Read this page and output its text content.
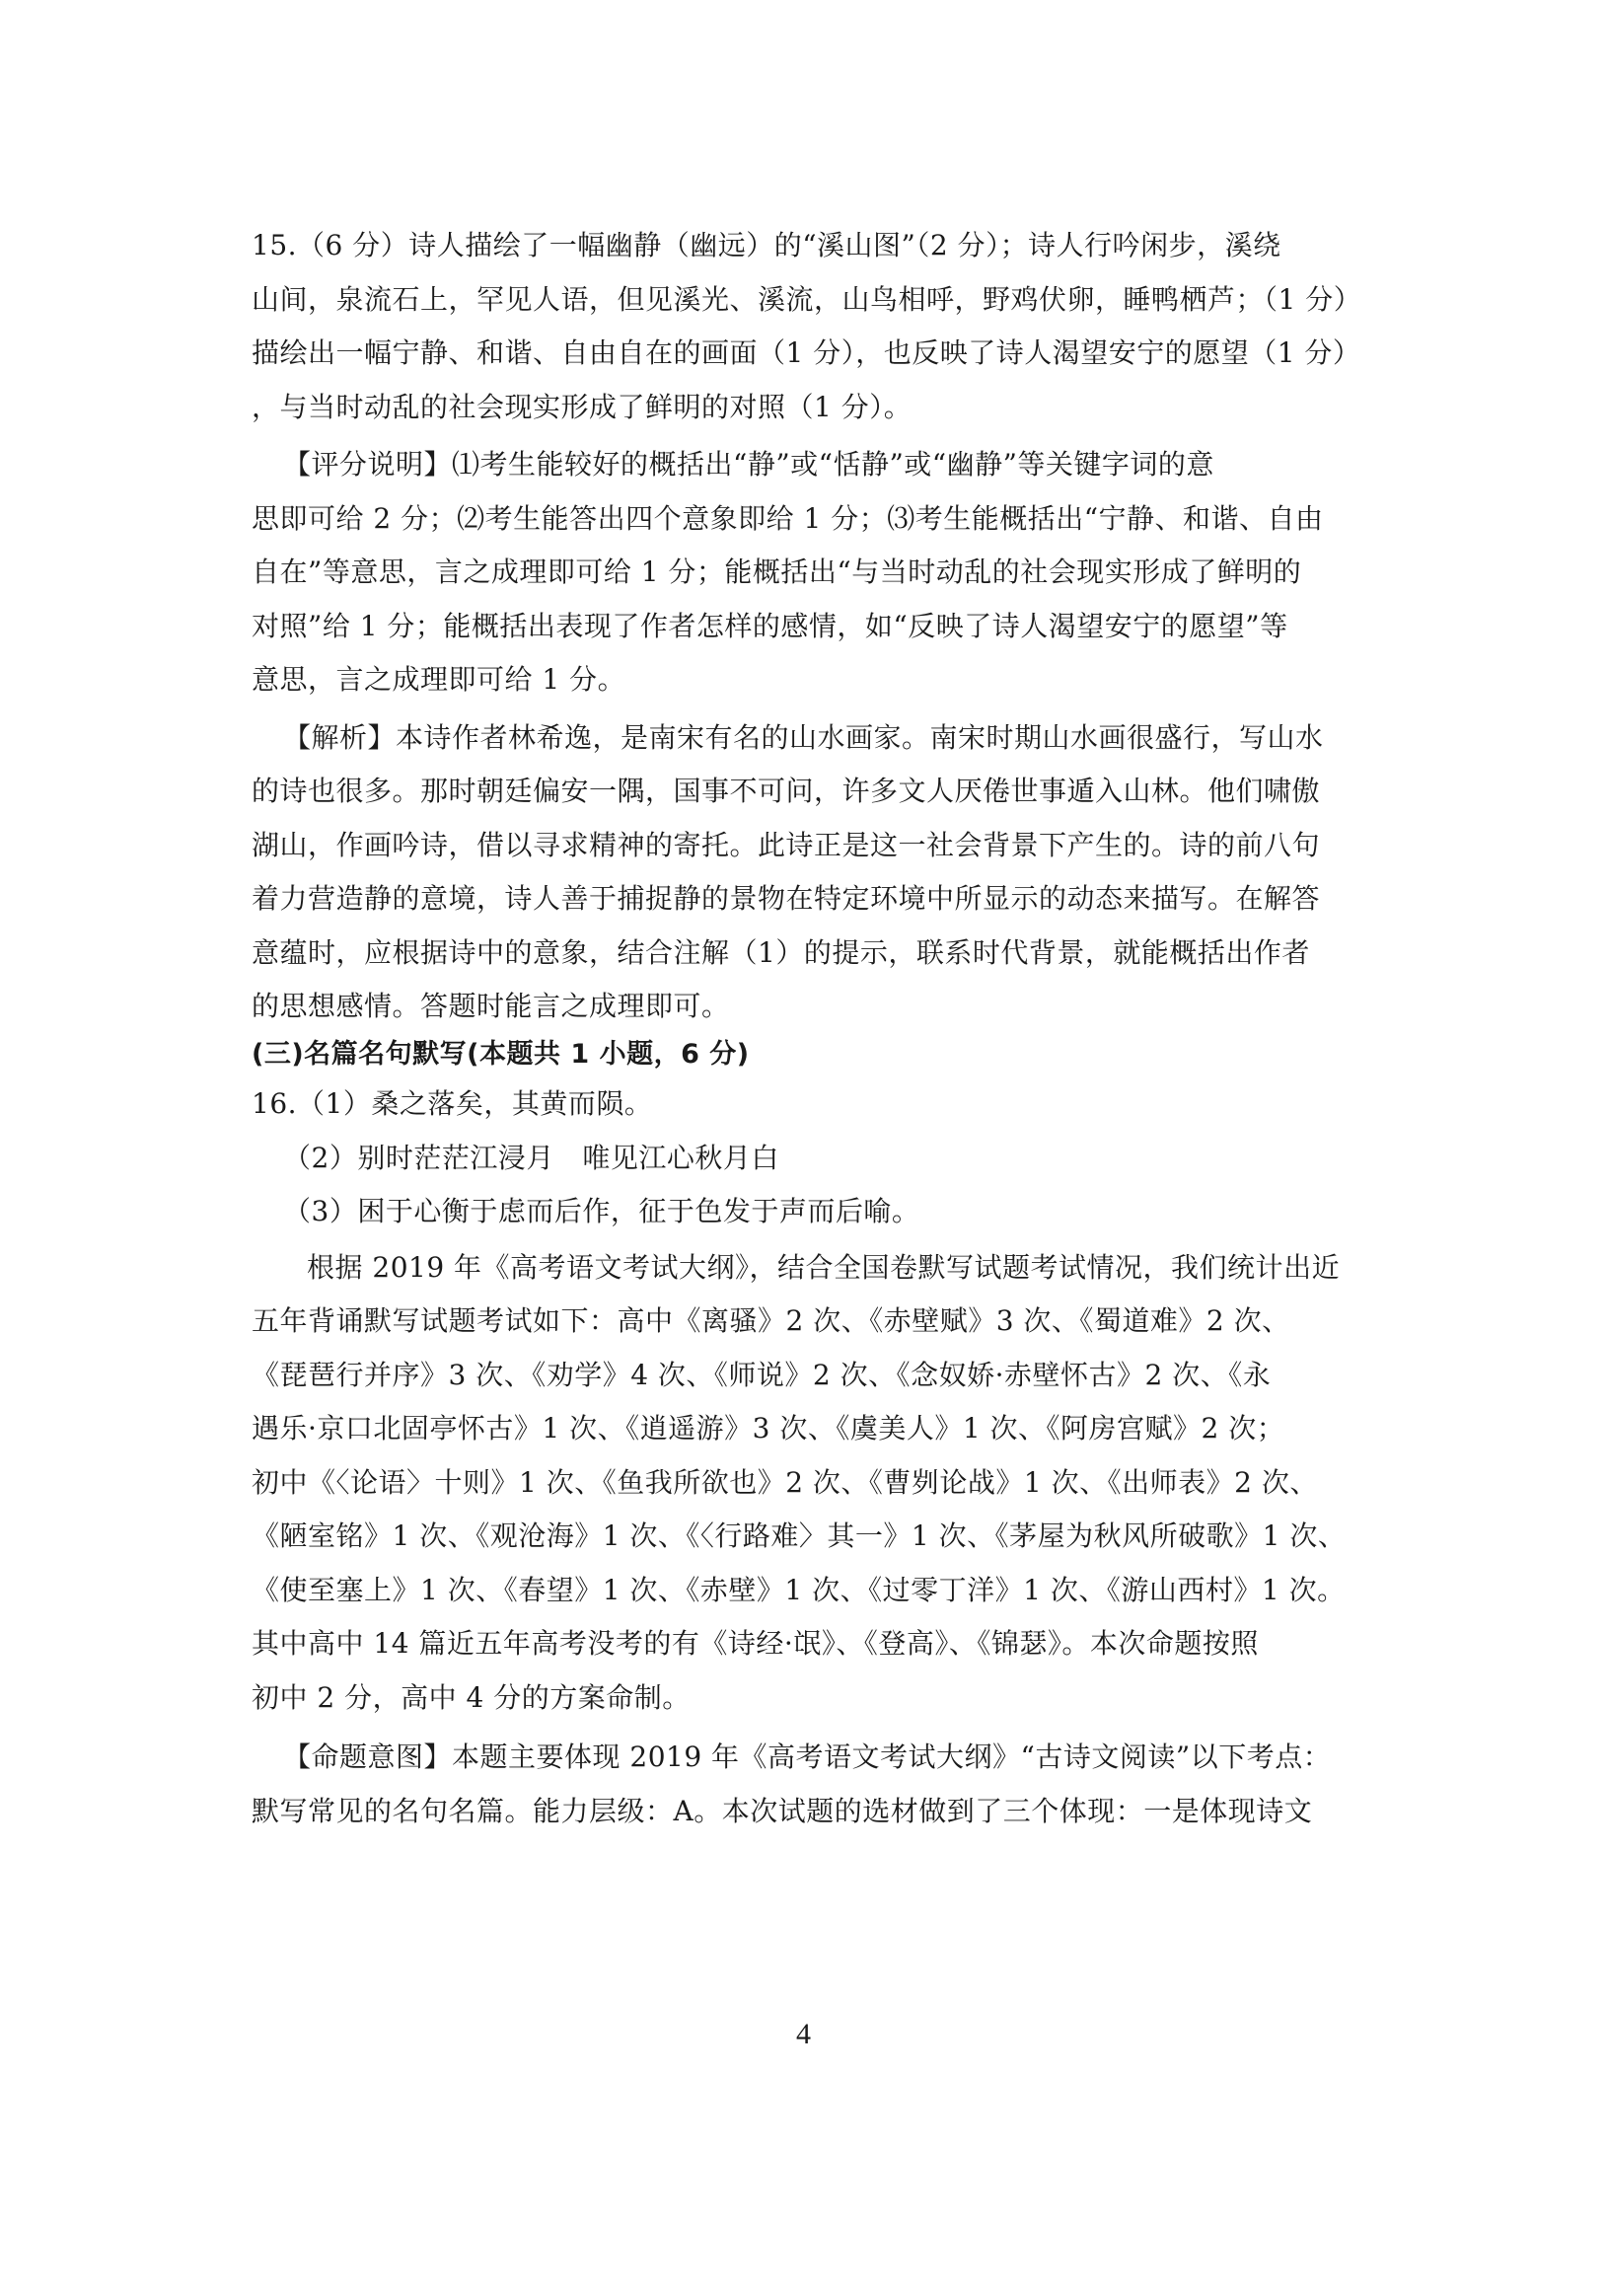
15.（6 分）诗人描绘了一幅幽静（幽远）的“溪山图”（2 分）；诗人行吟闲步，溪绕
山间，泉流石上，罕见人语，但见溪光、溪流，山鸟相呼，野鸡伏卵，睡鸭栖芦；（1 分）
描绘出一幅宁静、和谐、自由自在的画面（1 分），也反映了诗人渴望安宁的愿望（1 分）
，与当时动乱的社会现实形成了鲜明的对照（1 分）。
【评分说明】⑴考生能较好的概括出“静”或“恬静”或“幽静”等关键字词的意
思即可给 2 分；⑵考生能答出四个意象即给 1 分；⑶考生能概括出“宁静、和谐、自由
自在”等意思，言之成理即可给 1 分；能概括出“与当时动乱的社会现实形成了鲜明的
对照”给 1 分；能概括出表现了作者怎样的感情，如“反映了诗人渴望安宁的愿望”等
意思，言之成理即可给 1 分。
【解析】本诗作者林希逸，是南宋有名的山水画家。南宋时期山水画很盛行，写山水
的诗也很多。那时朝廷偏安一隅，国事不可问，许多文人厌倦世事遁入山林。他们啸傲
湖山，作画吟诗，借以寻求精神的寄托。此诗正是这一社会背景下产生的。诗的前八句
着力营造静的意境，诗人善于捕捉静的景物在特定环境中所显示的动态来描写。在解答
意蕴时，应根据诗中的意象，结合注解（1）的提示，联系时代背景，就能概括出作者
的思想感情。答题时能言之成理即可。
(三)名篇名句默写(本题共 1 小题，6 分)
16.（1）桑之落矣，其黄而陨。
（2）别时茫茫江浸月　唯见江心秋月白
（3）困于心衡于虑而后作，征于色发于声而后喻。
根据 2019 年《高考语文考试大纲》，结合全国卷默写试题考试情况，我们统计出近
五年背诵默写试题考试如下：高中《离骚》2 次、《赤壁赋》3 次、《蜀道难》2 次、
《琵琶行并序》3 次、《劝学》4 次、《师说》2 次、《念奴娇·赤壁怀古》2 次、《永
遇乐·京口北固亭怀古》1 次、《逍遥游》3 次、《虞美人》1 次、《阿房宫赋》2 次；
初中《〈论语〉十则》1 次、《鱼我所欲也》2 次、《曹刿论战》1 次、《出师表》2 次、
《陋室铭》1 次、《观沧海》1 次、《〈行路难〉其一》1 次、《茅屋为秋风所破歌》1 次、
《使至塞上》1 次、《春望》1 次、《赤壁》1 次、《过零丁洋》1 次、《游山西村》1 次。
其中高中 14 篇近五年高考没考的有《诗经·氓》、《登高》、《锦瑟》。本次命题按照
初中 2 分，高中 4 分的方案命制。
【命题意图】本题主要体现 2019 年《高考语文考试大纲》“古诗文阅读”以下考点：
默写常见的名句名篇。能力层级：A。本次试题的选材做到了三个体现：一是体现诗文
4
